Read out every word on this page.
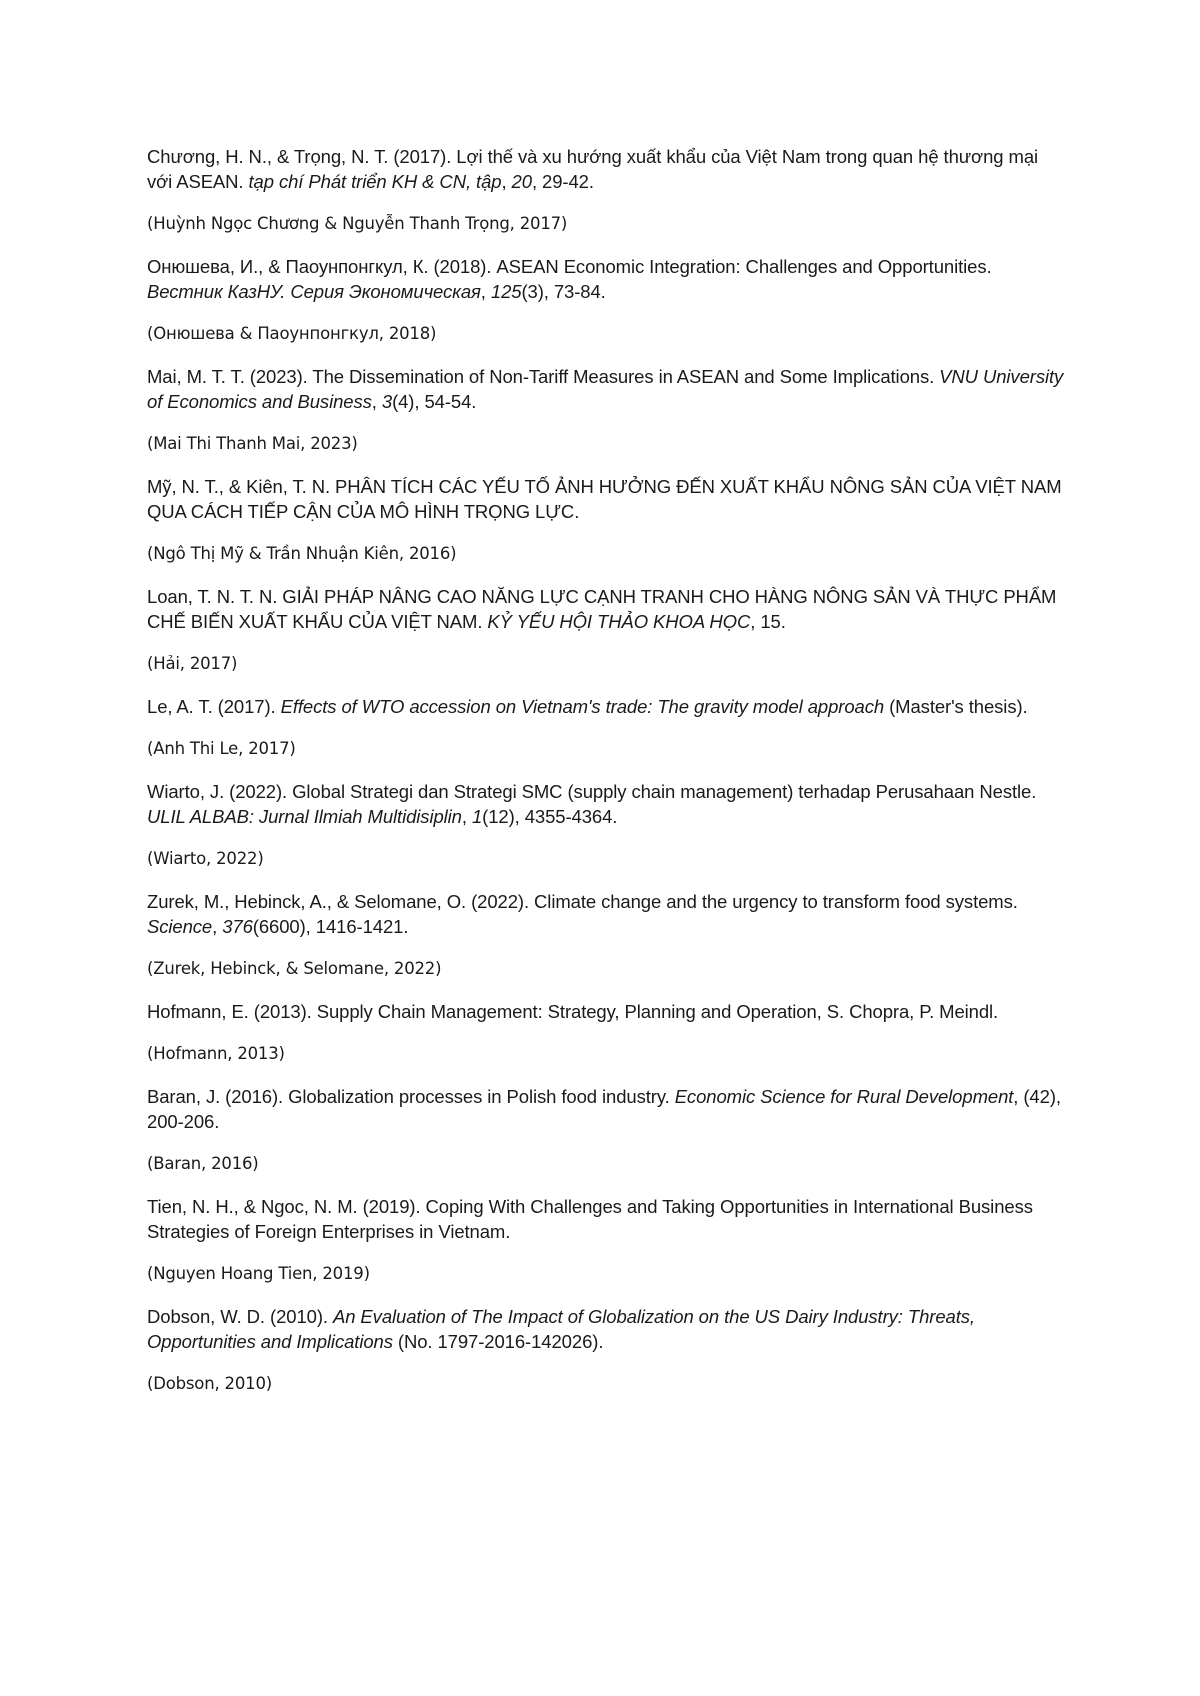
Chương, H. N., & Trọng, N. T. (2017). Lợi thế và xu hướng xuất khẩu của Việt Nam trong quan hệ thương mại với ASEAN. tạp chí Phát triển KH & CN, tập, 20, 29-42.

(Huỳnh Ngọc Chương & Nguyễn Thanh Trọng, 2017)

Онюшева, И., & Паоунпонгкул, К. (2018). ASEAN Economic Integration: Challenges and Opportunities. Вестник КазНУ. Серия Экономическая, 125(3), 73-84.

(Онюшева & Паоунпонгкул, 2018)

Mai, M. T. T. (2023). The Dissemination of Non-Tariff Measures in ASEAN and Some Implications. VNU University of Economics and Business, 3(4), 54-54.

(Mai Thi Thanh Mai, 2023)

Mỹ, N. T., & Kiên, T. N. PHÂN TÍCH CÁC YẾU TỐ ẢNH HƯỞNG ĐẾN XUẤT KHẨU NÔNG SẢN CỦA VIỆT NAM QUA CÁCH TIẾP CẬN CỦA MÔ HÌNH TRỌNG LỰC.

(Ngô Thị Mỹ & Trần Nhuận Kiên, 2016)

Loan, T. N. T. N. GIẢI PHÁP NÂNG CAO NĂNG LỰC CẠNH TRANH CHO HÀNG NÔNG SẢN VÀ THỰC PHẨM CHẾ BIẾN XUẤT KHẨU CỦA VIỆT NAM. KỶ YẾU HỘI THẢO KHOA HỌC, 15.

(Hải, 2017)

Le, A. T. (2017). Effects of WTO accession on Vietnam's trade: The gravity model approach (Master's thesis).

(Anh Thi Le, 2017)

Wiarto, J. (2022). Global Strategi dan Strategi SMC (supply chain management) terhadap Perusahaan Nestle. ULIL ALBAB: Jurnal Ilmiah Multidisiplin, 1(12), 4355-4364.

(Wiarto, 2022)

Zurek, M., Hebinck, A., & Selomane, O. (2022). Climate change and the urgency to transform food systems. Science, 376(6600), 1416-1421.

(Zurek, Hebinck, & Selomane, 2022)

Hofmann, E. (2013). Supply Chain Management: Strategy, Planning and Operation, S. Chopra, P. Meindl.

(Hofmann, 2013)

Baran, J. (2016). Globalization processes in Polish food industry. Economic Science for Rural Development, (42), 200-206.

(Baran, 2016)

Tien, N. H., & Ngoc, N. M. (2019). Coping With Challenges and Taking Opportunities in International Business Strategies of Foreign Enterprises in Vietnam.

(Nguyen Hoang Tien, 2019)

Dobson, W. D. (2010). An Evaluation of The Impact of Globalization on the US Dairy Industry: Threats, Opportunities and Implications (No. 1797-2016-142026).

(Dobson, 2010)
